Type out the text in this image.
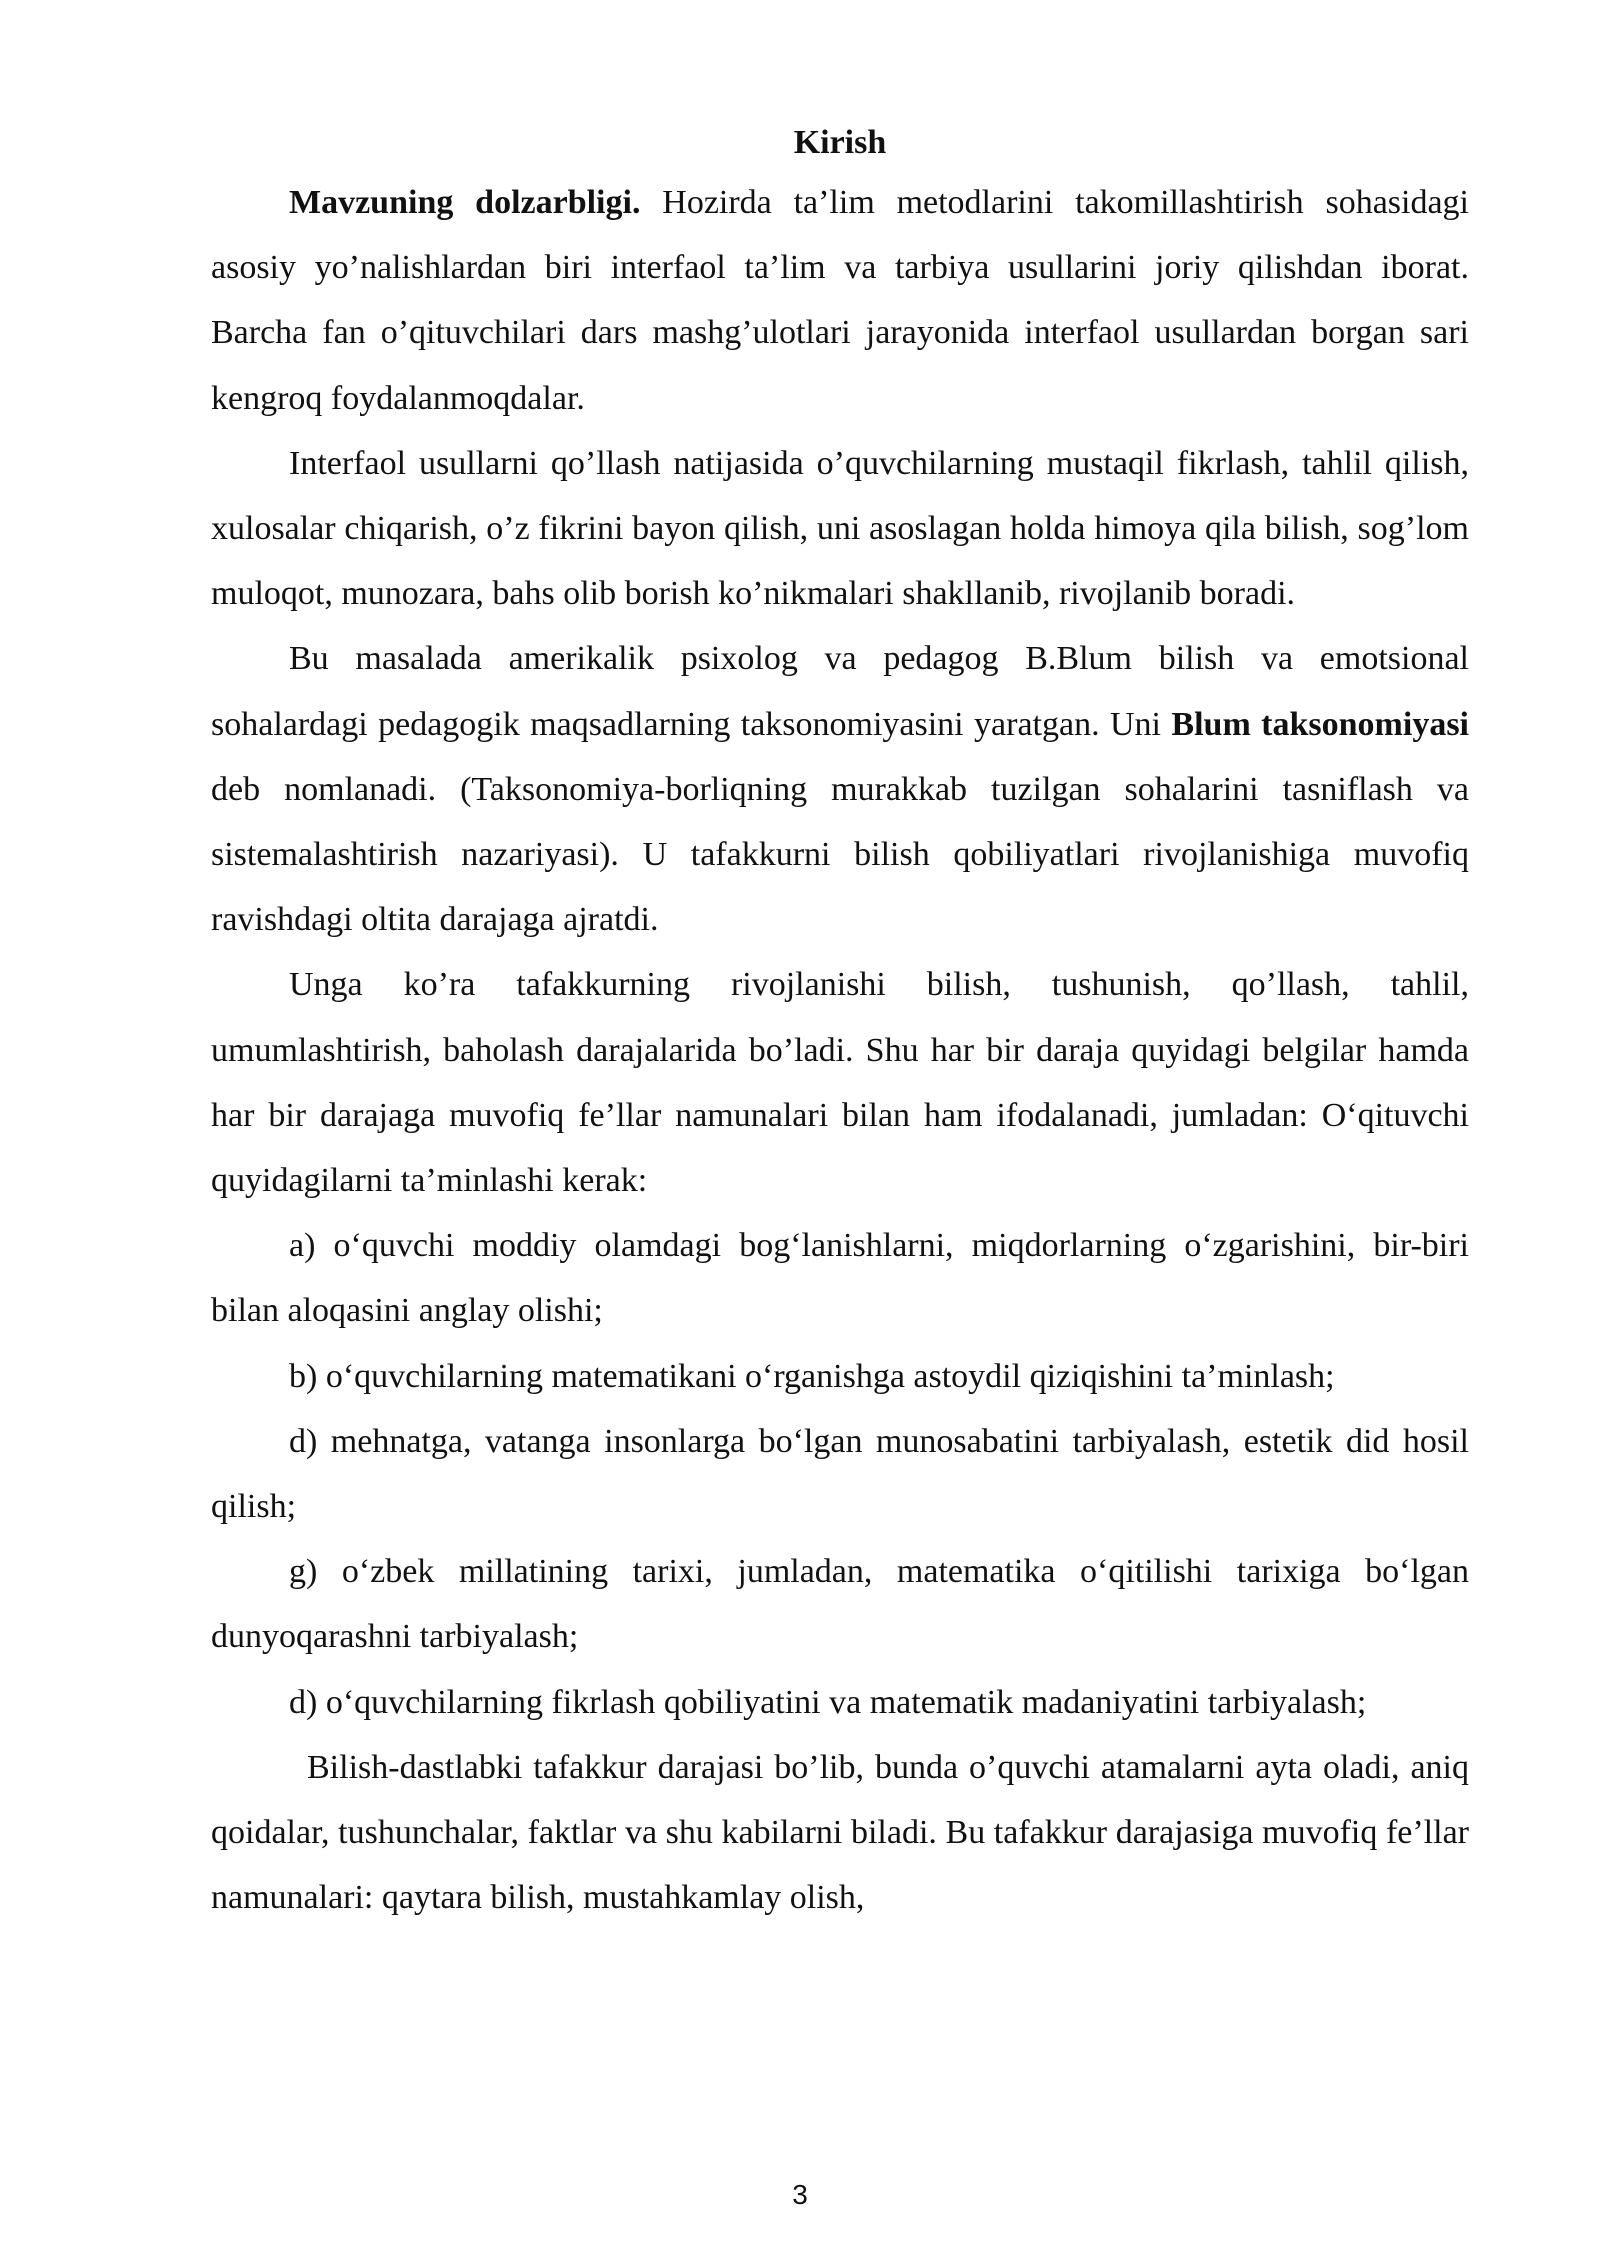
Kirish

Mavzuning dolzarbligi. Hozirda ta’lim metodlarini takomillashtirish sohasidagi asosiy yo’nalishlardan biri interfaol ta’lim va tarbiya usullarini joriy qilishdan iborat. Barcha fan o’qituvchilari dars mashg’ulotlari jarayonida interfaol usullardan borgan sari kengroq foydalanmoqdalar.

Interfaol usullarni qo’llash natijasida o’quvchilarning mustaqil fikrlash, tahlil qilish, xulosalar chiqarish, o’z fikrini bayon qilish, uni asoslagan holda himoya qila bilish, sog’lom muloqot, munozara, bahs olib borish ko’nikmalari shakllanib, rivojlanib boradi.

Bu masalada amerikalik psixolog va pedagog B.Blum bilish va emotsional sohalardagi pedagogik maqsadlarning taksonomiyasini yaratgan. Uni Blum taksonomiyasi deb nomlanadi. (Taksonomiya-borliqning murakkab tuzilgan sohalarini tasniflash va sistemalashtirish nazariyasi). U tafakkurni bilish qobiliyatlari rivojlanishiga muvofiq ravishdagi oltita darajaga ajratdi.

Unga ko’ra tafakkurning rivojlanishi bilish, tushunish, qo’llash, tahlil, umumlashtirish, baholash darajalarida bo’ladi. Shu har bir daraja quyidagi belgilar hamda har bir darajaga muvofiq fe’llar namunalari bilan ham ifodalanadi, jumladan: O‘qituvchi quyidagilarni ta’minlashi kerak:

a) o‘quvchi moddiy olamdagi bog‘lanishlarni, miqdorlarning o‘zgarishini, bir-biri bilan aloqasini anglay olishi;

b) o‘quvchilarning matematikani o‘rganishga astoydil qiziqishini ta’minlash;

d) mehnatga, vatanga insonlarga bo‘lgan munosabatini tarbiyalash, estetik did hosil qilish;

g) o‘zbek millatining tarixi, jumladan, matematika o‘qitilishi tarixiga bo‘lgan dunyoqarashni tarbiyalash;

d) o‘quvchilarning fikrlash qobiliyatini va matematik madaniyatini tarbiyalash;

Bilish-dastlabki tafakkur darajasi bo’lib, bunda o’quvchi atamalarni ayta oladi, aniq qoidalar, tushunchalar, faktlar va shu kabilarni biladi. Bu tafakkur darajasiga muvofiq fe’llar namunalari: qaytara bilish, mustahkamlay olish,

3
